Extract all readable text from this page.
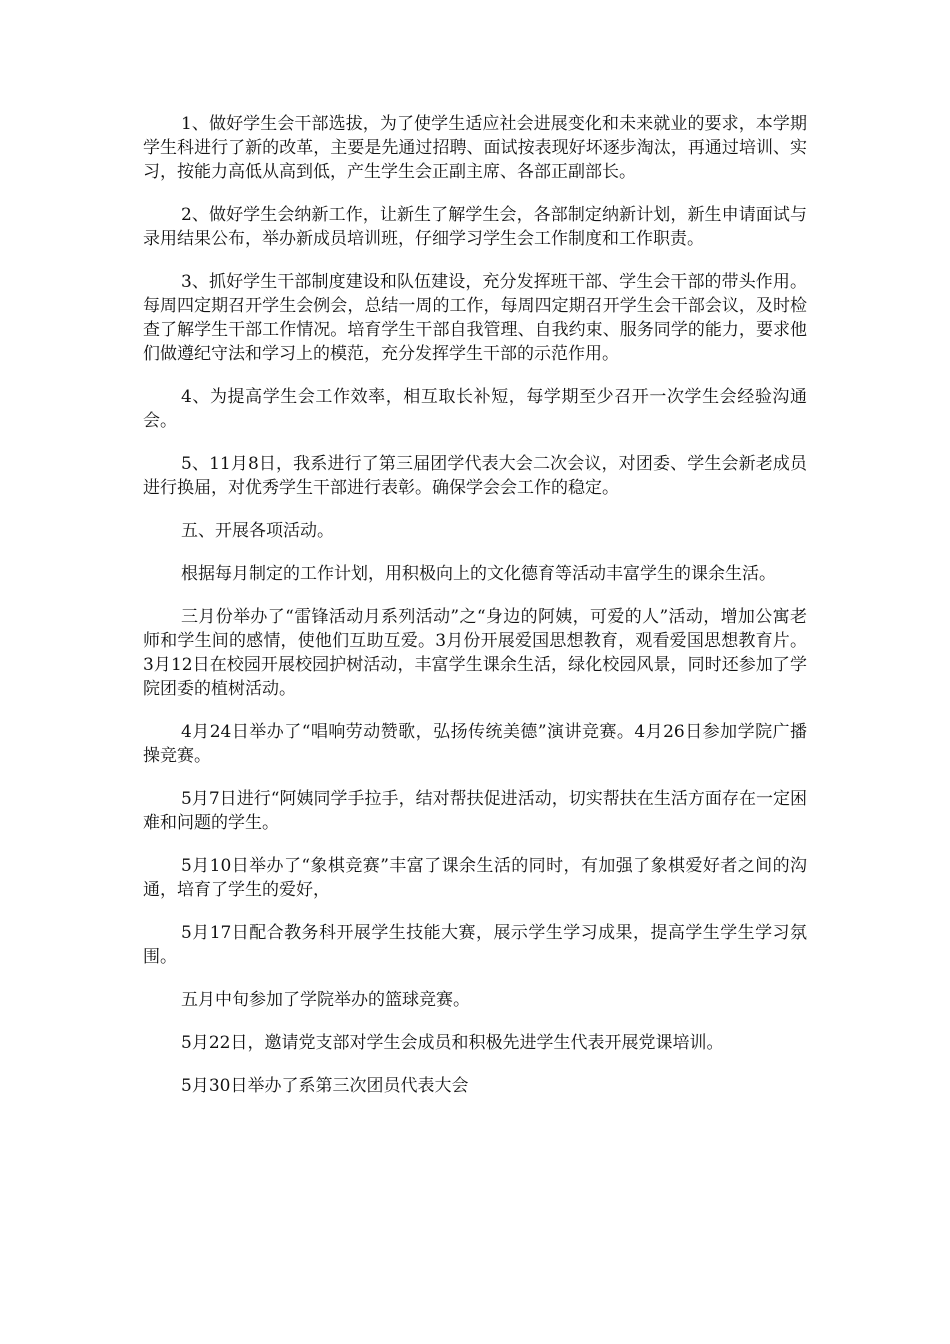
1、做好学生会干部选拔，为了使学生适应社会进展变化和未来就业的要求，本学期学生科进行了新的改革，主要是先通过招聘、面试按表现好坏逐步淘汰，再通过培训、实习，按能力高低从高到低，产生学生会正副主席、各部正副部长。

2、做好学生会纳新工作，让新生了解学生会，各部制定纳新计划，新生申请面试与录用结果公布，举办新成员培训班，仔细学习学生会工作制度和工作职责。

3、抓好学生干部制度建设和队伍建设，充分发挥班干部、学生会干部的带头作用。每周四定期召开学生会例会，总结一周的工作，每周四定期召开学生会干部会议，及时检查了解学生干部工作情况。培育学生干部自我管理、自我约束、服务同学的能力，要求他们做遵纪守法和学习上的模范，充分发挥学生干部的示范作用。

4、为提高学生会工作效率，相互取长补短，每学期至少召开一次学生会经验沟通会。

5、11月8日，我系进行了第三届团学代表大会二次会议，对团委、学生会新老成员进行换届，对优秀学生干部进行表彰。确保学会会工作的稳定。

五、开展各项活动。

根据每月制定的工作计划，用积极向上的文化德育等活动丰富学生的课余生活。

三月份举办了“雷锋活动月系列活动”之“身边的阿姨，可爱的人”活动，增加公寓老师和学生间的感情，使他们互助互爱。3月份开展爱国思想教育，观看爱国思想教育片。3月12日在校园开展校园护树活动，丰富学生课余生活，绿化校园风景，同时还参加了学院团委的植树活动。

4月24日举办了“唱响劳动赞歌，弘扬传统美德”演讲竞赛。4月26日参加学院广播操竞赛。

5月7日进行“阿姨同学手拉手，结对帮扶促进活动，切实帮扶在生活方面存在一定困难和问题的学生。

5月10日举办了“象棋竞赛”丰富了课余生活的同时，有加强了象棋爱好者之间的沟通，培育了学生的爱好，

5月17日配合教务科开展学生技能大赛，展示学生学习成果，提高学生学生学习氛围。

五月中旬参加了学院举办的篮球竞赛。

5月22日，邀请党支部对学生会成员和积极先进学生代表开展党课培训。

5月30日举办了系第三次团员代表大会
